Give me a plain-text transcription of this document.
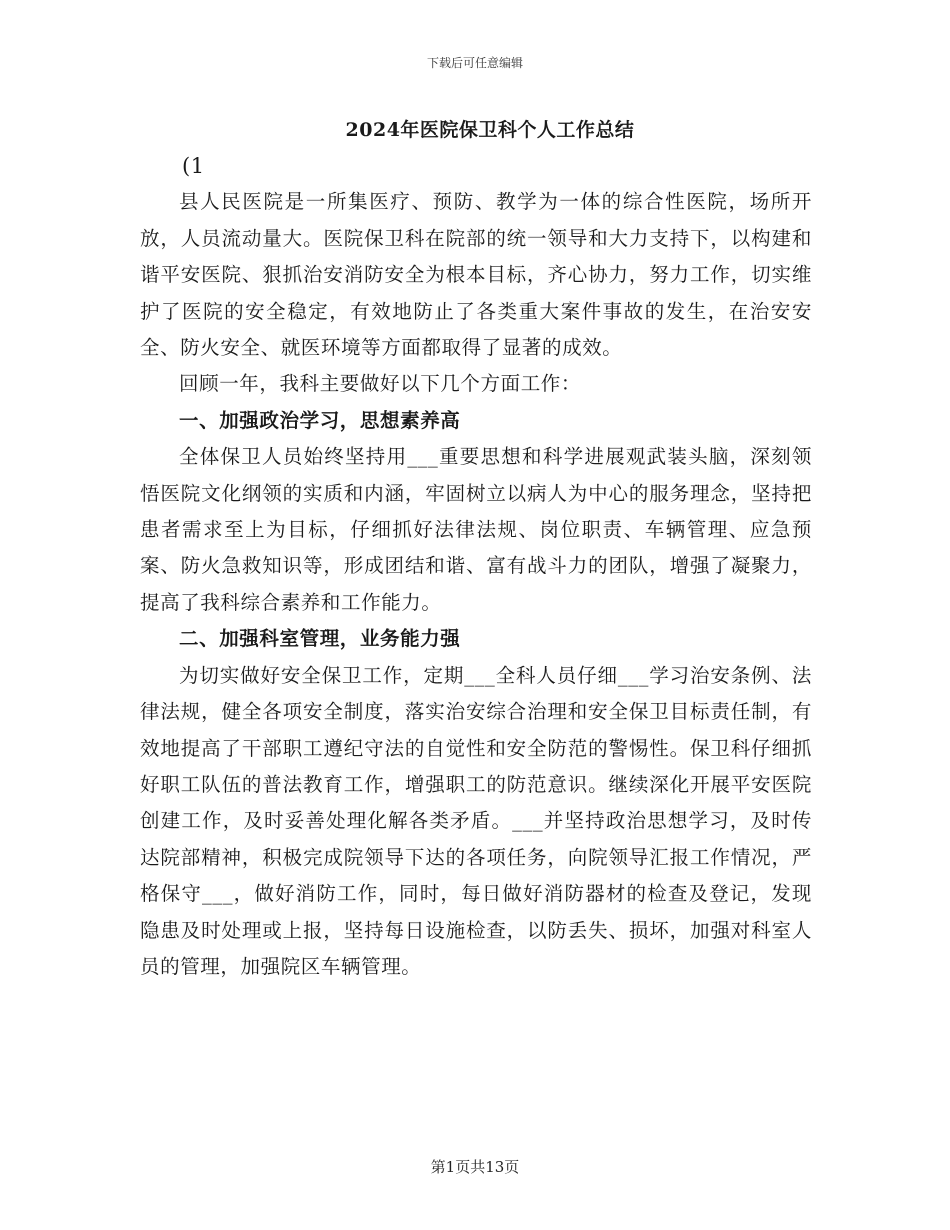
下载后可任意编辑
2024年医院保卫科个人工作总结

(1

县人民医院是一所集医疗、预防、教学为一体的综合性医院，场所开放，人员流动量大。医院保卫科在院部的统一领导和大力支持下，以构建和谐平安医院、狠抓治安消防安全为根本目标，齐心协力，努力工作，切实维护了医院的安全稳定，有效地防止了各类重大案件事故的发生，在治安安全、防火安全、就医环境等方面都取得了显著的成效。

回顾一年，我科主要做好以下几个方面工作：

一、加强政治学习，思想素养高

全体保卫人员始终坚持用___重要思想和科学进展观武装头脑，深刻领悟医院文化纲领的实质和内涵，牢固树立以病人为中心的服务理念，坚持把患者需求至上为目标，仔细抓好法律法规、岗位职责、车辆管理、应急预案、防火急救知识等，形成团结和谐、富有战斗力的团队，增强了凝聚力，提高了我科综合素养和工作能力。

二、加强科室管理，业务能力强

为切实做好安全保卫工作，定期___全科人员仔细___学习治安条例、法律法规，健全各项安全制度，落实治安综合治理和安全保卫目标责任制，有效地提高了干部职工遵纪守法的自觉性和安全防范的警惕性。保卫科仔细抓好职工队伍的普法教育工作，增强职工的防范意识。继续深化开展平安医院创建工作，及时妥善处理化解各类矛盾。___并坚持政治思想学习，及时传达院部精神，积极完成院领导下达的各项任务，向院领导汇报工作情况，严格保守___，做好消防工作，同时，每日做好消防器材的检查及登记，发现隐患及时处理或上报，坚持每日设施检查，以防丢失、损坏，加强对科室人员的管理，加强院区车辆管理。

第1页共13页
